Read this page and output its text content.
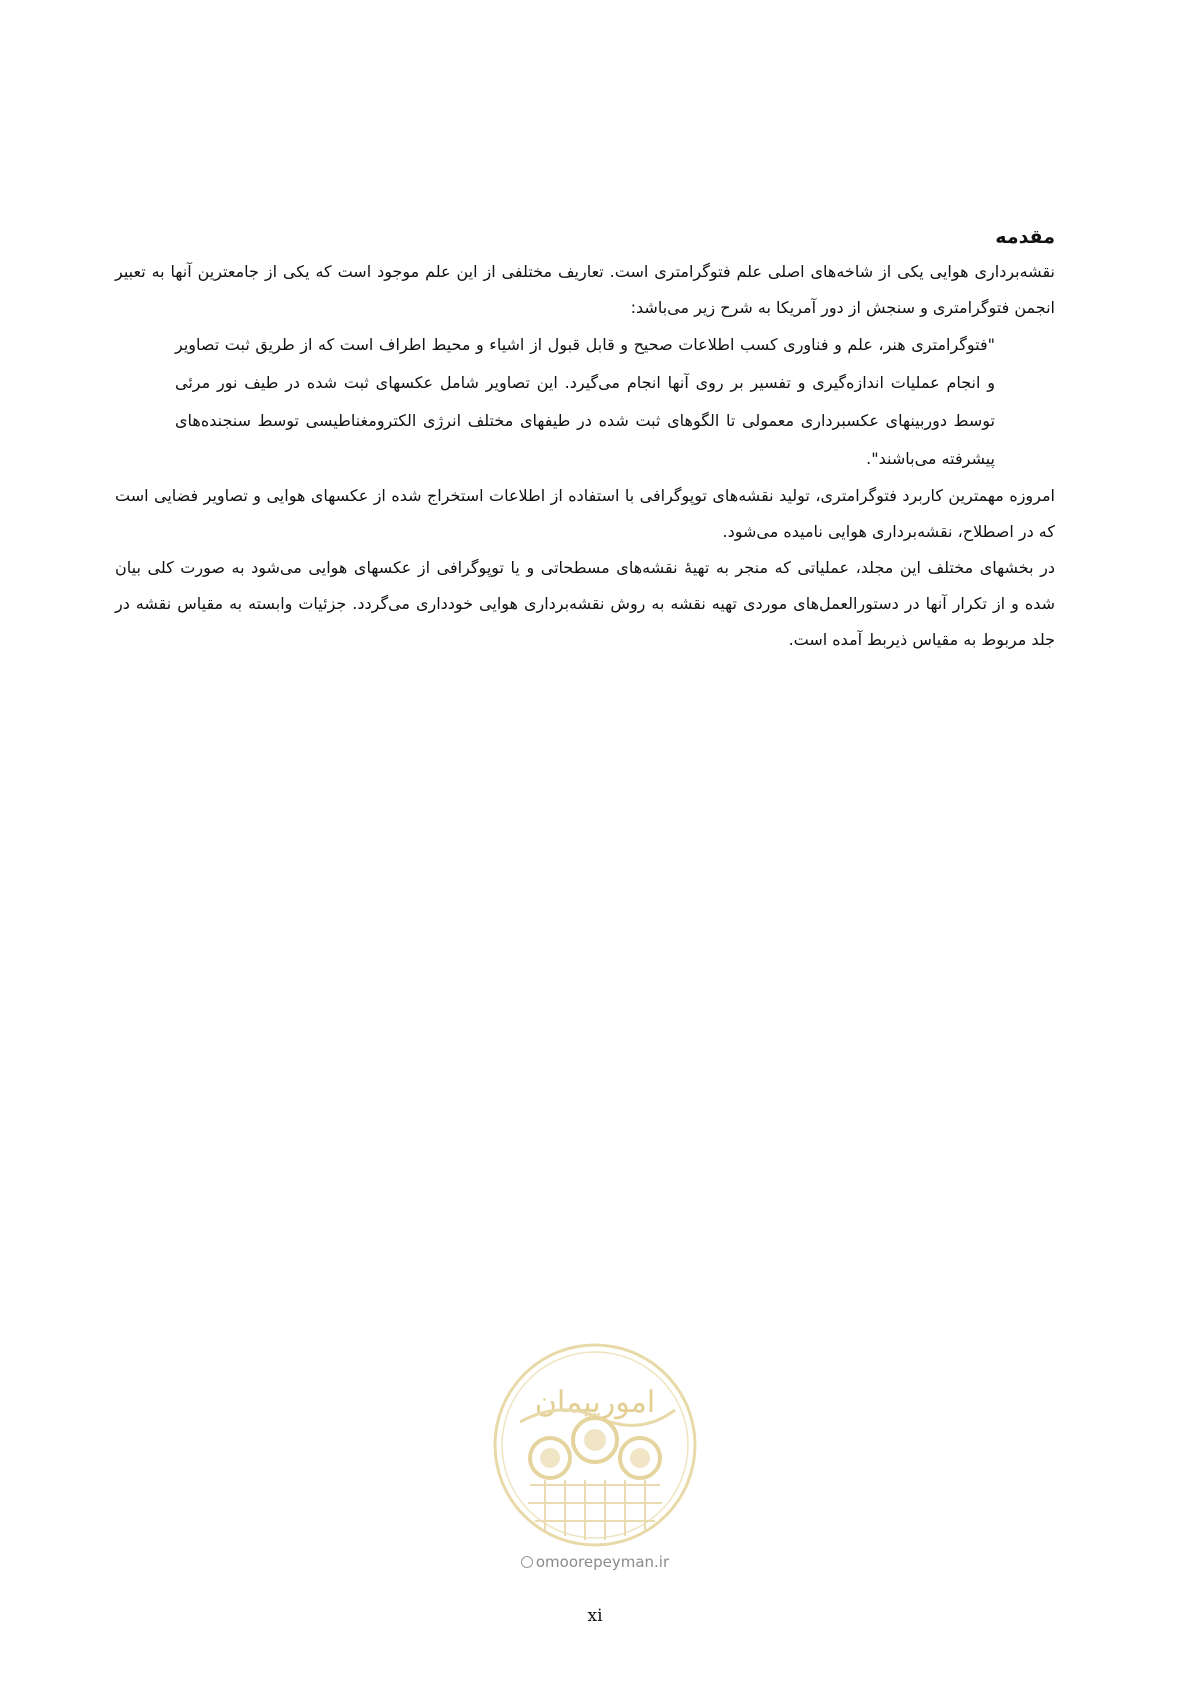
مقدمه

نقشه‌برداری هوایی یکی از شاخه‌های اصلی علم فتوگرامتری است. تعاریف مختلفی از این علم موجود است که یکی از جامعترین آنها به تعبیر انجمن فتوگرامتری و سنجش از دور آمریکا به شرح زیر می‌باشد:

"فتوگرامتری هنر، علم و فناوری کسب اطلاعات صحیح و قابل قبول از اشیاء و محیط اطراف است که از طریق ثبت تصاویر و انجام عملیات اندازه‌گیری و تفسیر بر روی آنها انجام می‌گیرد. این تصاویر شامل عکسهای ثبت شده در طیف نور مرئی توسط دوربینهای عکسبرداری معمولی تا الگوهای ثبت شده در طیفهای مختلف انرژی الکترومغناطیسی توسط سنجنده‌های پیشرفته می‌باشند".

امروزه مهمترین کاربرد فتوگرامتری، تولید نقشه‌های توپوگرافی با استفاده از اطلاعات استخراج شده از عکسهای هوایی و تصاویر فضایی است که در اصطلاح، نقشه‌برداری هوایی نامیده می‌شود.

در بخشهای مختلف این مجلد، عملیاتی که منجر به تهیهٔ نقشه‌های مسطحاتی و یا توپوگرافی از عکسهای هوایی می‌شود به صورت کلی بیان شده و از تکرار آنها در دستورالعمل‌های موردی تهیه نقشه به روش نقشه‌برداری هوایی خودداری می‌گردد. جزئیات وابسته به مقیاس نقشه در جلد مربوط به مقیاس ذیربط آمده است.

امورپیمان
omoorepeyman.ir
xi
